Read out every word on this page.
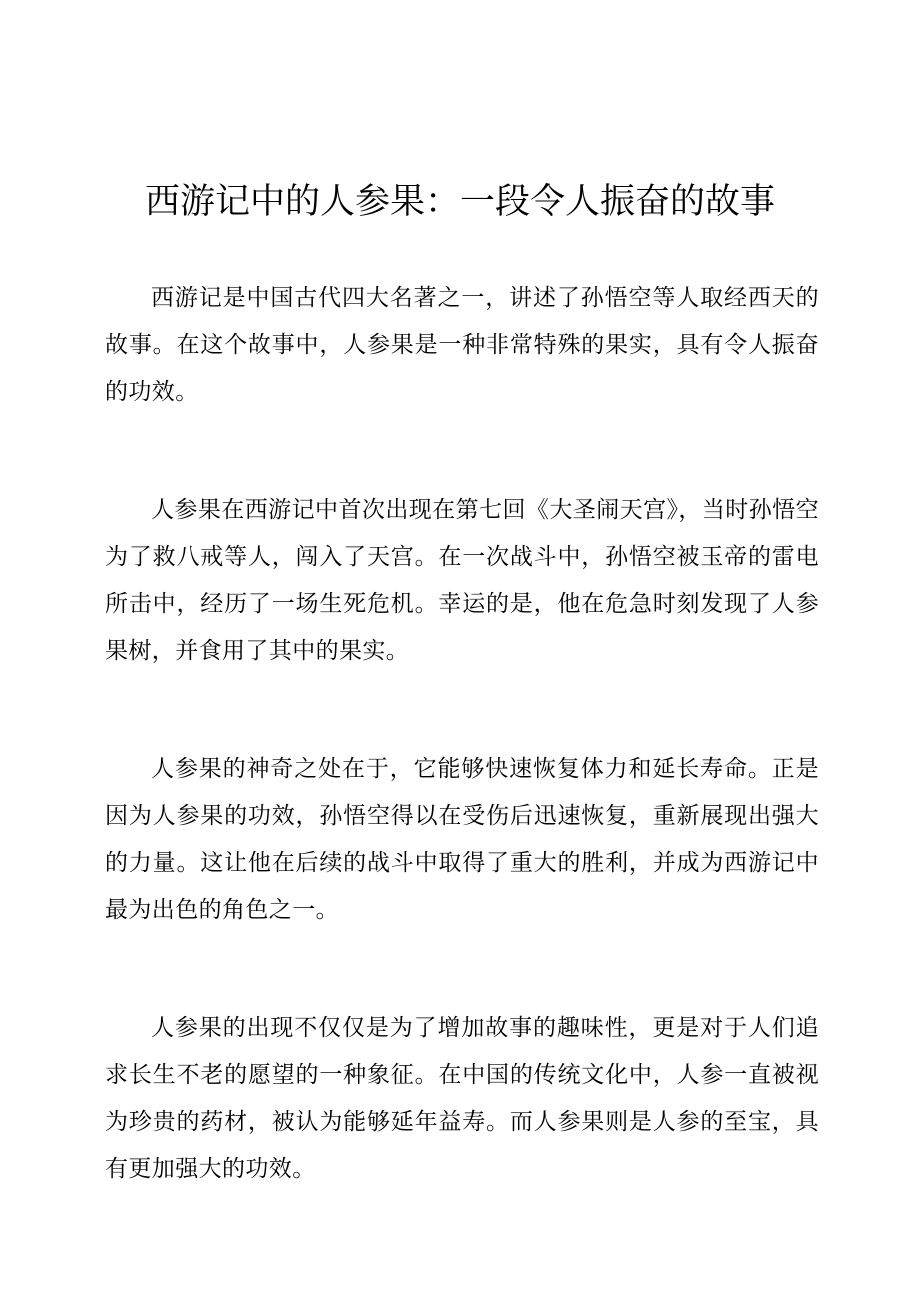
西游记中的人参果：一段令人振奋的故事

西游记是中国古代四大名著之一，讲述了孙悟空等人取经西天的故事。在这个故事中，人参果是一种非常特殊的果实，具有令人振奋的功效。

人参果在西游记中首次出现在第七回《大圣闹天宫》，当时孙悟空为了救八戒等人，闯入了天宫。在一次战斗中，孙悟空被玉帝的雷电所击中，经历了一场生死危机。幸运的是，他在危急时刻发现了人参果树，并食用了其中的果实。

人参果的神奇之处在于，它能够快速恢复体力和延长寿命。正是因为人参果的功效，孙悟空得以在受伤后迅速恢复，重新展现出强大的力量。这让他在后续的战斗中取得了重大的胜利，并成为西游记中最为出色的角色之一。

人参果的出现不仅仅是为了增加故事的趣味性，更是对于人们追求长生不老的愿望的一种象征。在中国的传统文化中，人参一直被视为珍贵的药材，被认为能够延年益寿。而人参果则是人参的至宝，具有更加强大的功效。
